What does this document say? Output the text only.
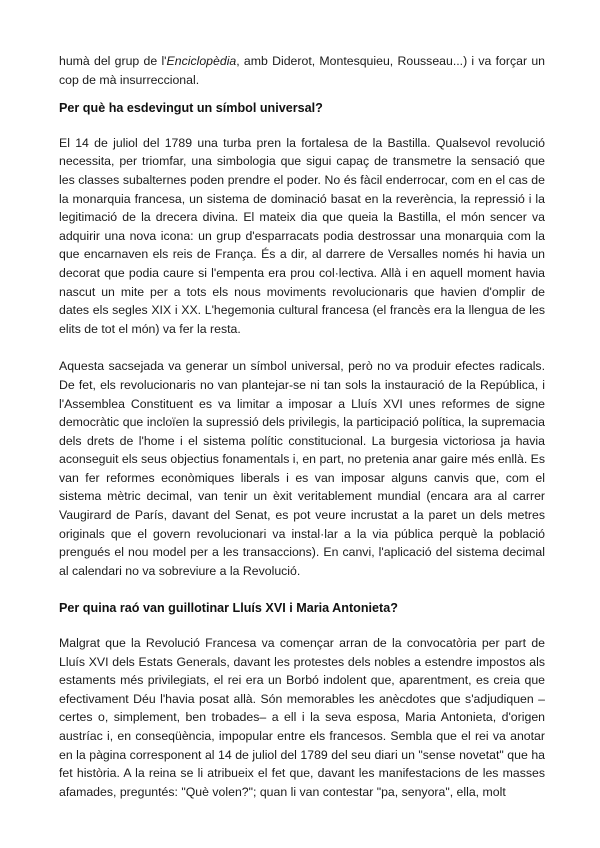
humà del grup de l'Enciclopèdia, amb Diderot, Montesquieu, Rousseau...) i va forçar un cop de mà insurreccional.

Per què ha esdevingut un símbol universal?

El 14 de juliol del 1789 una turba pren la fortalesa de la Bastilla. Qualsevol revolució necessita, per triomfar, una simbologia que sigui capaç de transmetre la sensació que les classes subalternes poden prendre el poder. No és fàcil enderrocar, com en el cas de la monarquia francesa, un sistema de dominació basat en la reverència, la repressió i la legitimació de la drecera divina. El mateix dia que queia la Bastilla, el món sencer va adquirir una nova icona: un grup d'esparracats podia destrossar una monarquia com la que encarnaven els reis de França. És a dir, al darrere de Versalles només hi havia un decorat que podia caure si l'empenta era prou col·lectiva. Allà i en aquell moment havia nascut un mite per a tots els nous moviments revolucionaris que havien d'omplir de dates els segles XIX i XX. L'hegemonia cultural francesa (el francès era la llengua de les elits de tot el món) va fer la resta.

Aquesta sacsejada va generar un símbol universal, però no va produir efectes radicals. De fet, els revolucionaris no van plantejar-se ni tan sols la instauració de la República, i l'Assemblea Constituent es va limitar a imposar a Lluís XVI unes reformes de signe democràtic que incloïen la supressió dels privilegis, la participació política, la supremacia dels drets de l'home i el sistema polític constitucional. La burgesia victoriosa ja havia aconseguit els seus objectius fonamentals i, en part, no pretenia anar gaire més enllà. Es van fer reformes econòmiques liberals i es van imposar alguns canvis que, com el sistema mètric decimal, van tenir un èxit veritablement mundial (encara ara al carrer Vaugirard de París, davant del Senat, es pot veure incrustat a la paret un dels metres originals que el govern revolucionari va instal·lar a la via pública perquè la població prengués el nou model per a les transaccions). En canvi, l'aplicació del sistema decimal al calendari no va sobreviure a la Revolució.

Per quina raó van guillotinar Lluís XVI i Maria Antonieta?

Malgrat que la Revolució Francesa va començar arran de la convocatòria per part de Lluís XVI dels Estats Generals, davant les protestes dels nobles a estendre impostos als estaments més privilegiats, el rei era un Borbó indolent que, aparentment, es creia que efectivament Déu l'havia posat allà. Són memorables les anècdotes que s'adjudiquen – certes o, simplement, ben trobades– a ell i la seva esposa, Maria Antonieta, d'origen austríac i, en conseqüència, impopular entre els francesos. Sembla que el rei va anotar en la pàgina corresponent al 14 de juliol del 1789 del seu diari un "sense novetat" que ha fet història. A la reina se li atribueix el fet que, davant les manifestacions de les masses afamades, preguntés: "Què volen?"; quan li van contestar "pa, senyora", ella, molt
